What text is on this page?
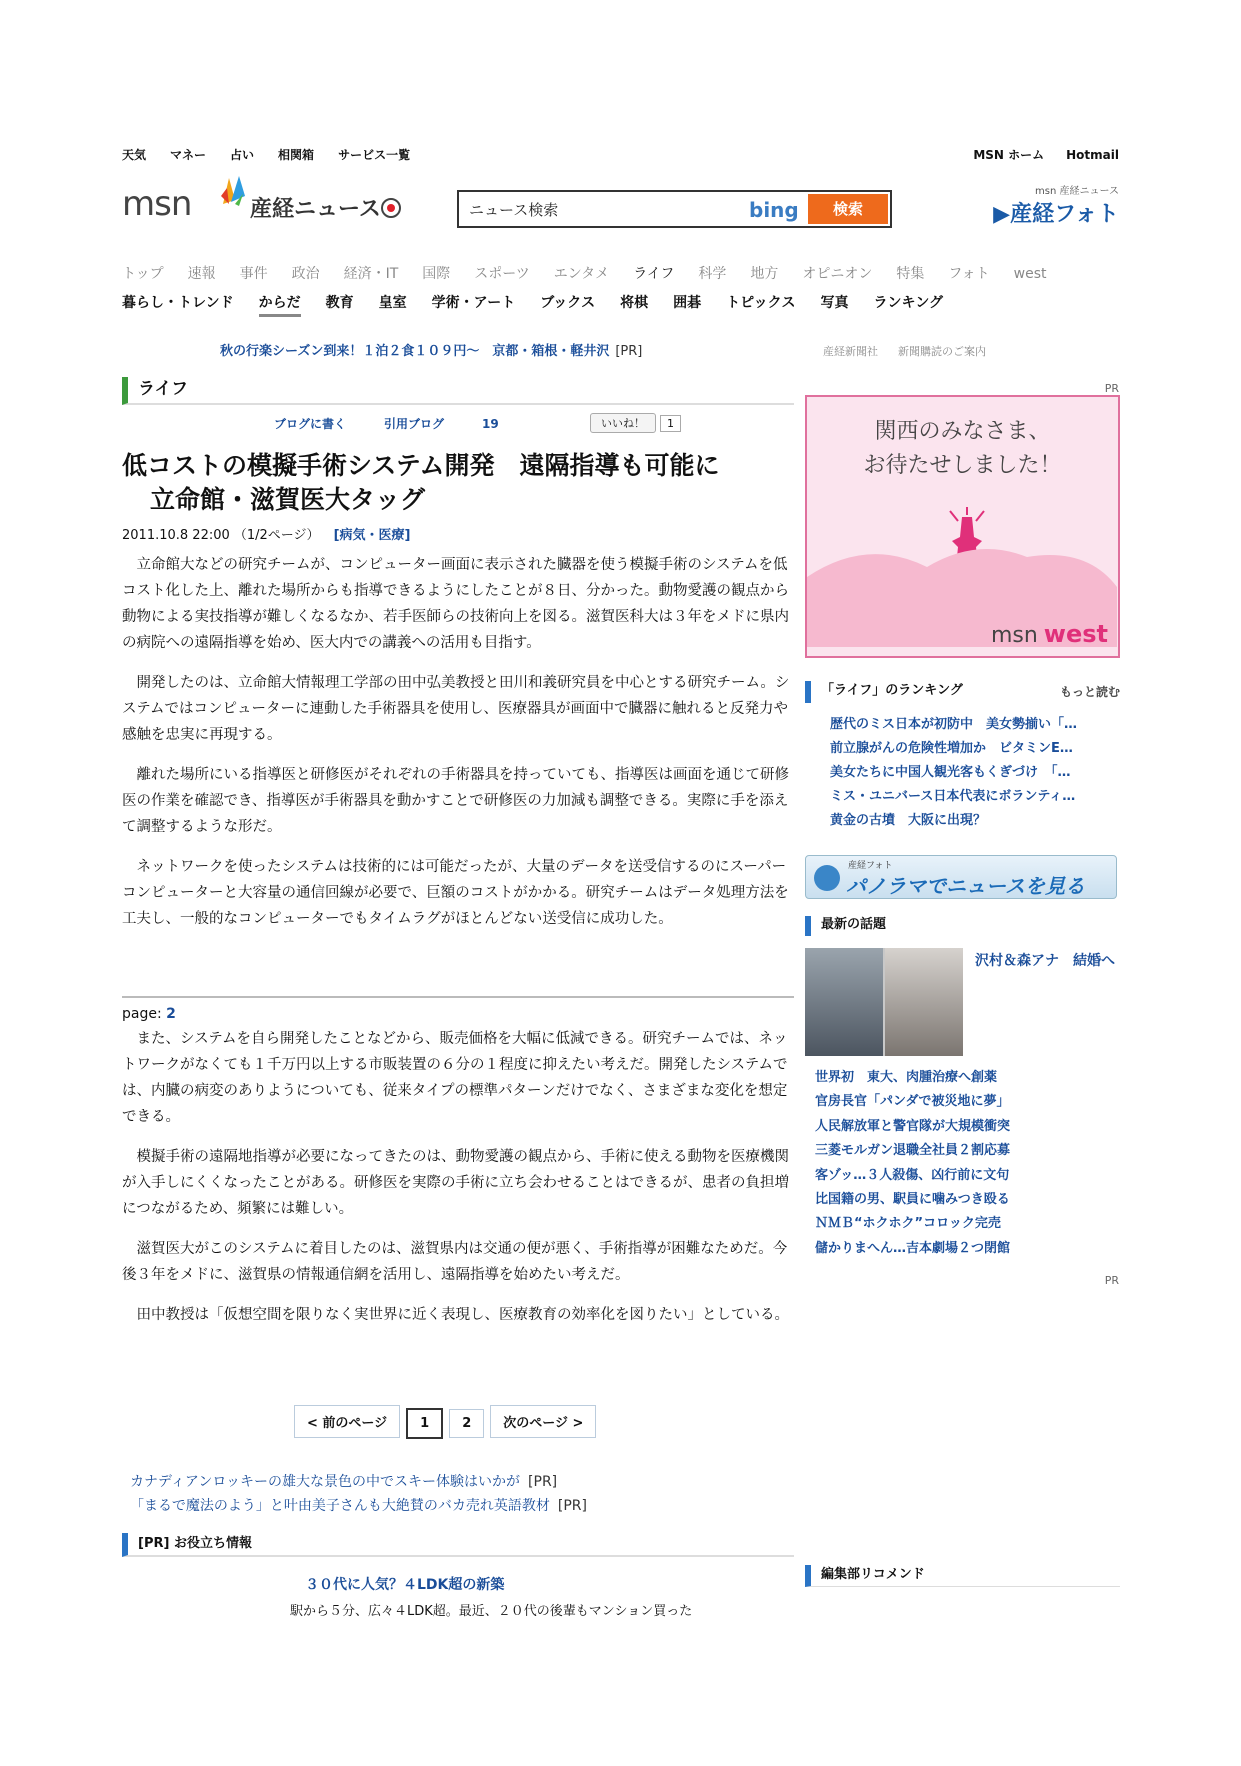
天気 マネー 占い 相関箱 サービス一覧	MSN ホーム Hotmail
msn	産経ニュース
ニュース検索	bing	検索
msn 産経ニュース
▶産経フォト
トップ 速報 事件 政治 経済・IT 国際 スポーツ エンタメ ライフ 科学 地方 オピニオン 特集 フォト west
暮らし・トレンド からだ 教育 皇室 学術・アート ブックス 将棋 囲碁 トピックス 写真 ランキング
秋の行楽シーズン到来！１泊２食１０９円〜　京都・箱根・軽井沢 [PR]	産経新聞社 新聞購読のご案内
ライフ
ブログに書く	引用ブログ	19	いいね！ 1
低コストの模擬手術システム開発　遠隔指導も可能に
立命館・滋賀医大タッグ
2011.10.8 22:00 （1/2ページ） [病気・医療]

立命館大などの研究チームが、コンピューター画面に表示された臓器を使う模擬手術のシステムを低コスト化した上、離れた場所からも指導できるようにしたことが８日、分かった。動物愛護の観点から動物による実技指導が難しくなるなか、若手医師らの技術向上を図る。滋賀医科大は３年をメドに県内の病院への遠隔指導を始め、医大内での講義への活用も目指す。

開発したのは、立命館大情報理工学部の田中弘美教授と田川和義研究員を中心とする研究チーム。システムではコンピューターに連動した手術器具を使用し、医療器具が画面中で臓器に触れると反発力や感触を忠実に再現する。

離れた場所にいる指導医と研修医がそれぞれの手術器具を持っていても、指導医は画面を通じて研修医の作業を確認でき、指導医が手術器具を動かすことで研修医の力加減も調整できる。実際に手を添えて調整するような形だ。

ネットワークを使ったシステムは技術的には可能だったが、大量のデータを送受信するのにスーパーコンピューターと大容量の通信回線が必要で、巨額のコストがかかる。研究チームはデータ処理方法を工夫し、一般的なコンピューターでもタイムラグがほとんどない送受信に成功した。

page: 2

また、システムを自ら開発したことなどから、販売価格を大幅に低減できる。研究チームでは、ネットワークがなくても１千万円以上する市販装置の６分の１程度に抑えたい考えだ。開発したシステムでは、内臓の病変のありようについても、従来タイプの標準パターンだけでなく、さまざまな変化を想定できる。

模擬手術の遠隔地指導が必要になってきたのは、動物愛護の観点から、手術に使える動物を医療機関が入手しにくくなったことがある。研修医を実際の手術に立ち会わせることはできるが、患者の負担増につながるため、頻繁には難しい。

滋賀医大がこのシステムに着目したのは、滋賀県内は交通の便が悪く、手術指導が困難なためだ。今後３年をメドに、滋賀県の情報通信網を活用し、遠隔指導を始めたい考えだ。

田中教授は「仮想空間を限りなく実世界に近く表現し、医療教育の効率化を図りたい」としている。

< 前のページ	1	2 次のページ >
カナディアンロッキーの雄大な景色の中でスキー体験はいかが [PR]
「まるで魔法のよう」と叶由美子さんも大絶賛のバカ売れ英語教材 [PR]
[PR] お役立ち情報
３０代に人気？４LDK超の新築
駅から５分、広々４LDK超。最近、２０代の後輩もマンション買った
PR
関西のみなさま、
お待たせしました！
msn west
「ライフ」のランキング	もっと読む
歴代のミス日本が初防中　美女勢揃い「…
前立腺がんの危険性増加か　ビタミンE…
美女たちに中国人観光客もくぎづけ　「…
ミス・ユニバース日本代表にボランティ…
黄金の古墳　大阪に出現？
産経フォト
パノラマでニュースを見る
最新の話題
沢村＆森アナ　結婚へ
世界初　東大、肉腫治療へ創薬
官房長官「パンダで被災地に夢」
人民解放軍と警官隊が大規模衝突
三菱モルガン退職全社員２割応募
客ゾッ…３人殺傷、凶行前に文句
比国籍の男、駅員に噛みつき殴る
ＮＭＢ“ホクホク”コロック完売
儲かりまへん…吉本劇場２つ閉館
PR
編集部リコメンド
